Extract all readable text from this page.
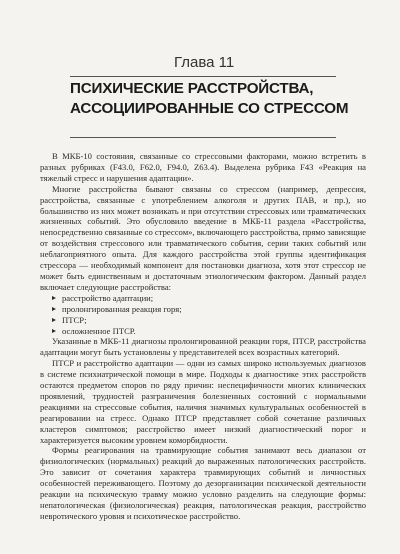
Глава 11
ПСИХИЧЕСКИЕ РАССТРОЙСТВА,
АССОЦИИРОВАННЫЕ СО СТРЕССОМ

В МКБ-10 состояния, связанные со стрессовыми факторами, можно встретить в разных рубриках (F43.0, F62.0, F94.0, Z63.4). Выделена рубрика F43 «Реакция на тяжелый стресс и нарушения адаптации».

Многие расстройства бывают связаны со стрессом (например, депрессия, расстройства, связанные с употреблением алкоголя и других ПАВ, и пр.), но большинство из них может возникать и при отсутствии стрессовых или травматических жизненных событий. Это обусловило введение в МКБ-11 раздела «Расстройства, непосредственно связанные со стрессом», включающего расстройства, прямо зависящие от воздействия стрессового или травматического события, серии таких событий или неблагоприятного опыта. Для каждого расстройства этой группы идентификация стрессора — необходимый компонент для постановки диагноза, хотя этот стрессор не может быть единственным и достаточным этиологическим фактором. Данный раздел включает следующие расстройства:

расстройство адаптации;
пролонгированная реакция горя;
ПТСР;
осложненное ПТСР.

Указанные в МКБ-11 диагнозы пролонгированной реакции горя, ПТСР, расстройства адаптации могут быть установлены у представителей всех возрастных категорий.

ПТСР и расстройство адаптации — одни из самых широко используемых диагнозов в системе психиатрической помощи в мире. Подходы к диагностике этих расстройств остаются предметом споров по ряду причин: неспецифичности многих клинических проявлений, трудностей разграничения болезненных состояний с нормальными реакциями на стрессовые события, наличия значимых культуральных особенностей в реагировании на стресс. Однако ПТСР представляет собой сочетание различных кластеров симптомов; расстройство имеет низкий диагностический порог и характеризуется высоким уровнем коморбидности.

Формы реагирования на травмирующие события занимают весь диапазон от физиологических (нормальных) реакций до выраженных патологических расстройств. Это зависит от сочетания характера травмирующих событий и личностных особенностей переживающего. Поэтому до дезорганизации психической деятельности реакции на психическую травму можно условно разделить на следующие формы: непатологическая (физиологическая) реакция, патологическая реакция, расстройство невротического уровня и психотическое расстройство.
